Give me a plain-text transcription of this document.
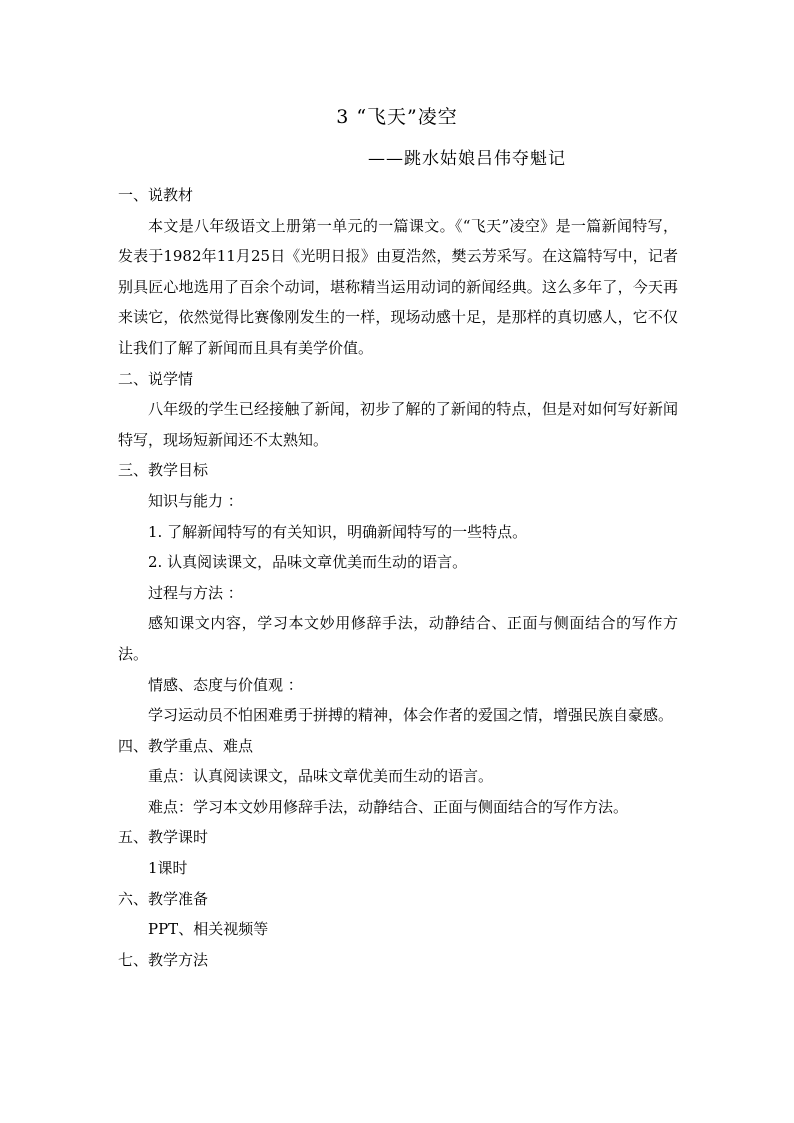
3 “飞天”凌空
——跳水姑娘吕伟夺魁记

一、说教材

本文是八年级语文上册第一单元的一篇课文。《“飞天”凌空》是一篇新闻特写，发表于1982年11月25日《光明日报》由夏浩然，樊云芳采写。在这篇特写中，记者别具匠心地选用了百余个动词，堪称精当运用动词的新闻经典。这么多年了，今天再来读它，依然觉得比赛像刚发生的一样，现场动感十足，是那样的真切感人，它不仅让我们了解了新闻而且具有美学价值。

二、说学情

八年级的学生已经接触了新闻，初步了解的了新闻的特点，但是对如何写好新闻特写，现场短新闻还不太熟知。

三、教学目标

知识与能力 ：

1. 了解新闻特写的有关知识，明确新闻特写的一些特点。

2. 认真阅读课文，品味文章优美而生动的语言。

过程与方法 ：

感知课文内容，学习本文妙用修辞手法，动静结合、正面与侧面结合的写作方法。

情感、态度与价值观 ：

学习运动员不怕困难勇于拼搏的精神，体会作者的爱国之情，增强民族自豪感。

四、教学重点、难点

重点：认真阅读课文，品味文章优美而生动的语言。

难点：学习本文妙用修辞手法，动静结合、正面与侧面结合的写作方法。

五、教学课时

1课时

六、教学准备

PPT、相关视频等

七、教学方法
